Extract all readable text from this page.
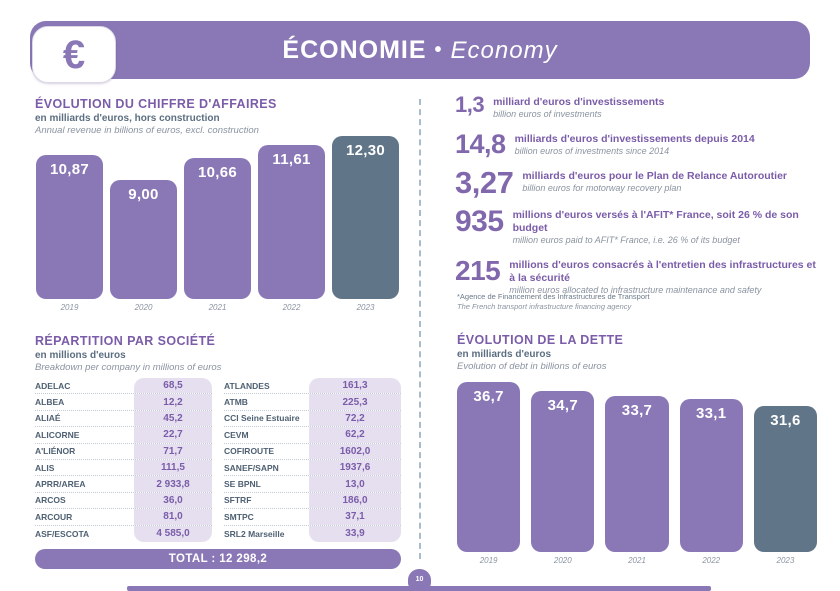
ÉCONOMIE • Economy
€
ÉVOLUTION DU CHIFFRE D'AFFAIRES
en milliards d'euros, hors construction
Annual revenue in billions of euros, excl. construction
10,87
2019
9,00
2020
10,66
2021
11,61
2022
12,30
2023
RÉPARTITION PAR SOCIÉTÉ
en millions d'euros
Breakdown per company in millions of euros
ADELAC	68,5
ALBEA	12,2
ALIAÉ	45,2
ALICORNE	22,7
A'LIÉNOR	71,7
ALIS	111,5
APRR/AREA	2 933,8
ARCOS	36,0
ARCOUR	81,0
ASF/ESCOTA	4 585,0
ATLANDES	161,3
ATMB	225,3
CCI Seine Estuaire	72,2
CEVM	62,2
COFIROUTE	1602,0
SANEF/SAPN	1937,6
SE BPNL	13,0
SFTRF	186,0
SMTPC	37,1
SRL2 Marseille	33,9
TOTAL : 12 298,2
1,3 milliard d'euros d'investissements
billion euros of investments
14,8 milliards d'euros d'investissements depuis 2014
billion euros of investments since 2014
3,27 milliards d'euros pour le Plan de Relance Autoroutier
billion euros for motorway recovery plan
935 millions d'euros versés à l'AFIT* France, soit 26 % de son budget
million euros paid to AFIT* France, i.e. 26 % of its budget
215 millions d'euros consacrés à l'entretien des infrastructures et à la sécurité
million euros allocated to infrastructure maintenance and safety
*Agence de Financement des Infrastructures de Transport
The French transport infrastructure financing agency
ÉVOLUTION DE LA DETTE
en milliards d'euros
Evolution of debt in billions of euros
36,7
2019
34,7
2020
33,7
2021
33,1
2022
31,6
2023
10
